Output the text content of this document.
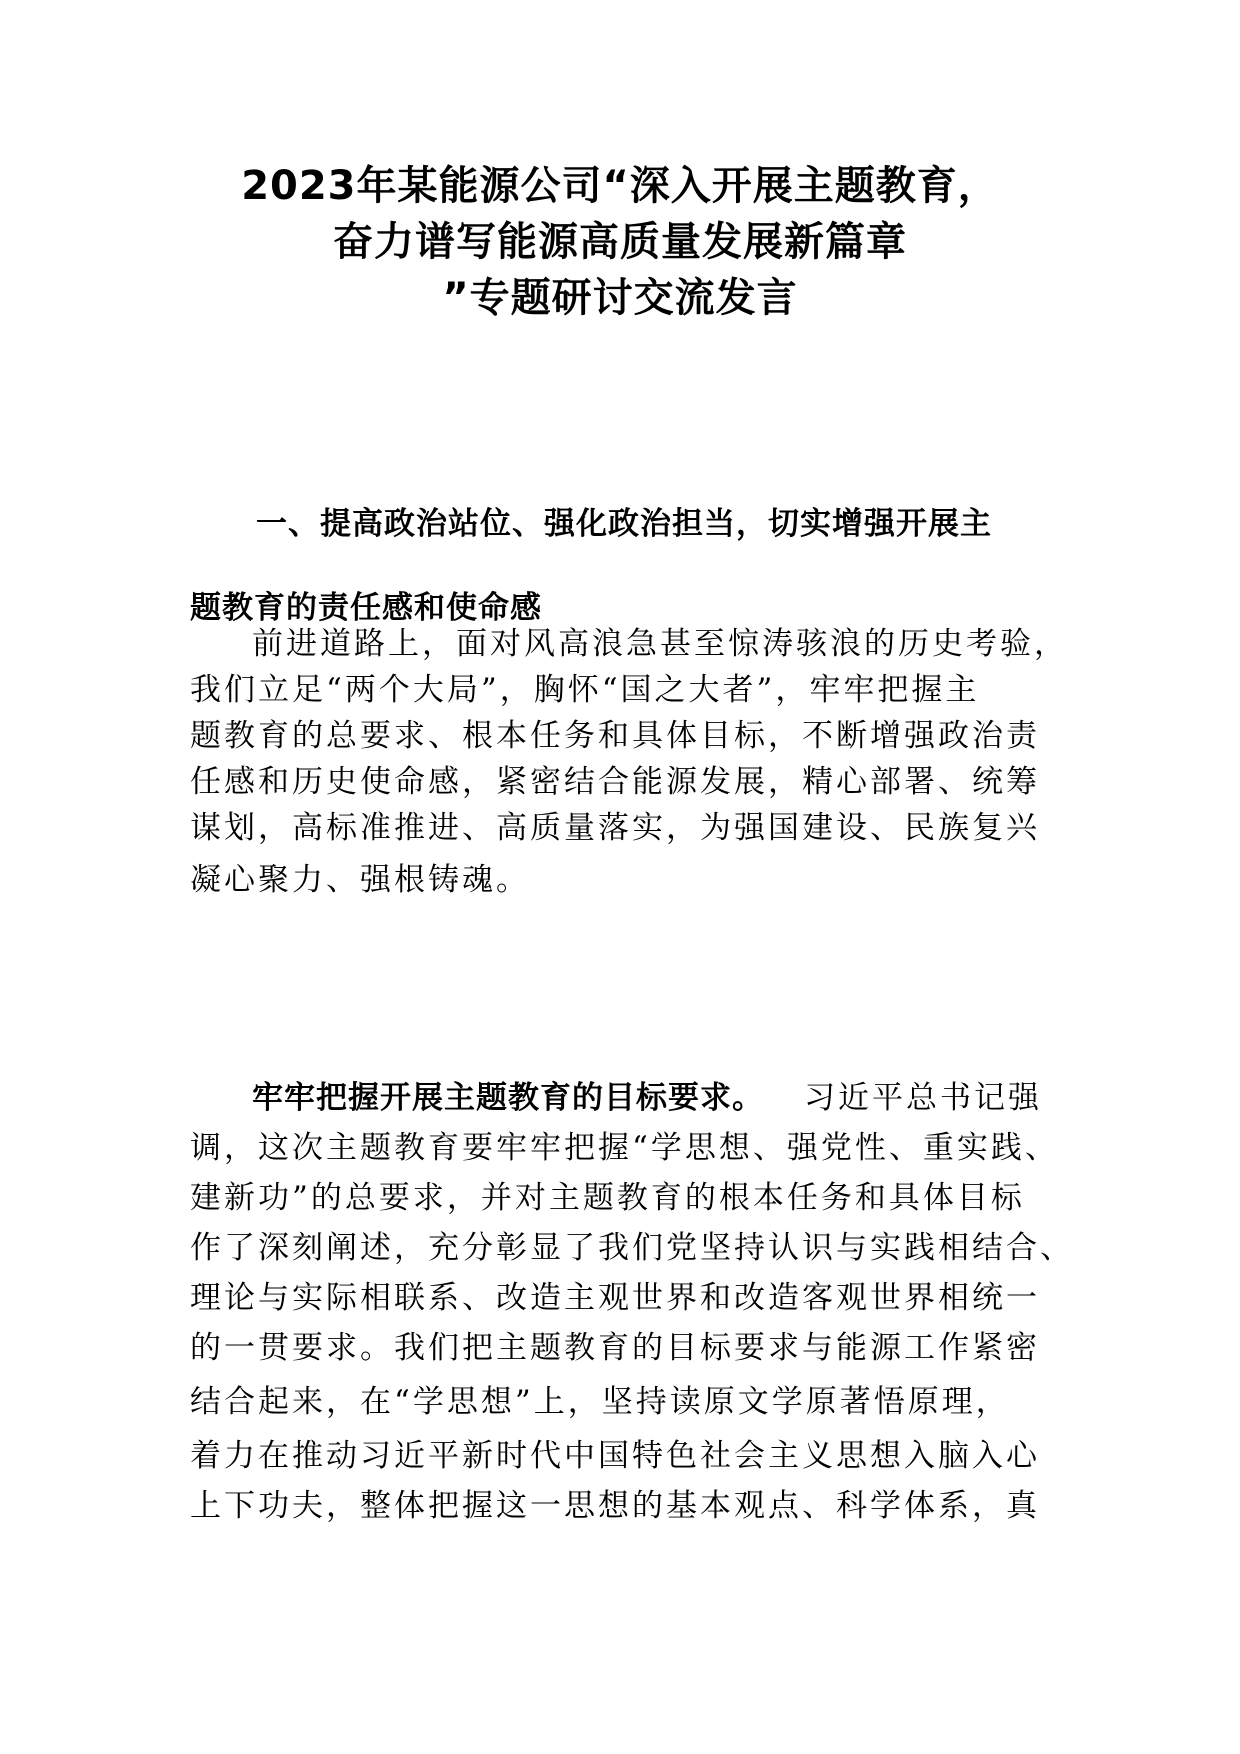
2023年某能源公司“深入开展主题教育，
奋力谱写能源高质量发展新篇章
”专题研讨交流发言
一、提高政治站位、强化政治担当，切实增强开展主
题教育的责任感和使命感
前进道路上，面对风高浪急甚至惊涛骇浪的历史考验，
我们立足“两个大局”，胸怀“国之大者”，牢牢把握主
题教育的总要求、根本任务和具体目标，不断增强政治责
任感和历史使命感，紧密结合能源发展，精心部署、统筹
谋划，高标准推进、高质量落实，为强国建设、民族复兴
凝心聚力、强根铸魂。
牢牢把握开展主题教育的目标要求。 习近平总书记强
调，这次主题教育要牢牢把握“学思想、强党性、重实践、
建新功”的总要求，并对主题教育的根本任务和具体目标
作了深刻阐述，充分彰显了我们党坚持认识与实践相结合、
理论与实际相联系、改造主观世界和改造客观世界相统一
的一贯要求。我们把主题教育的目标要求与能源工作紧密
结合起来，在“学思想”上，坚持读原文学原著悟原理，
着力在推动习近平新时代中国特色社会主义思想入脑入心
上下功夫，整体把握这一思想的基本观点、科学体系，真
